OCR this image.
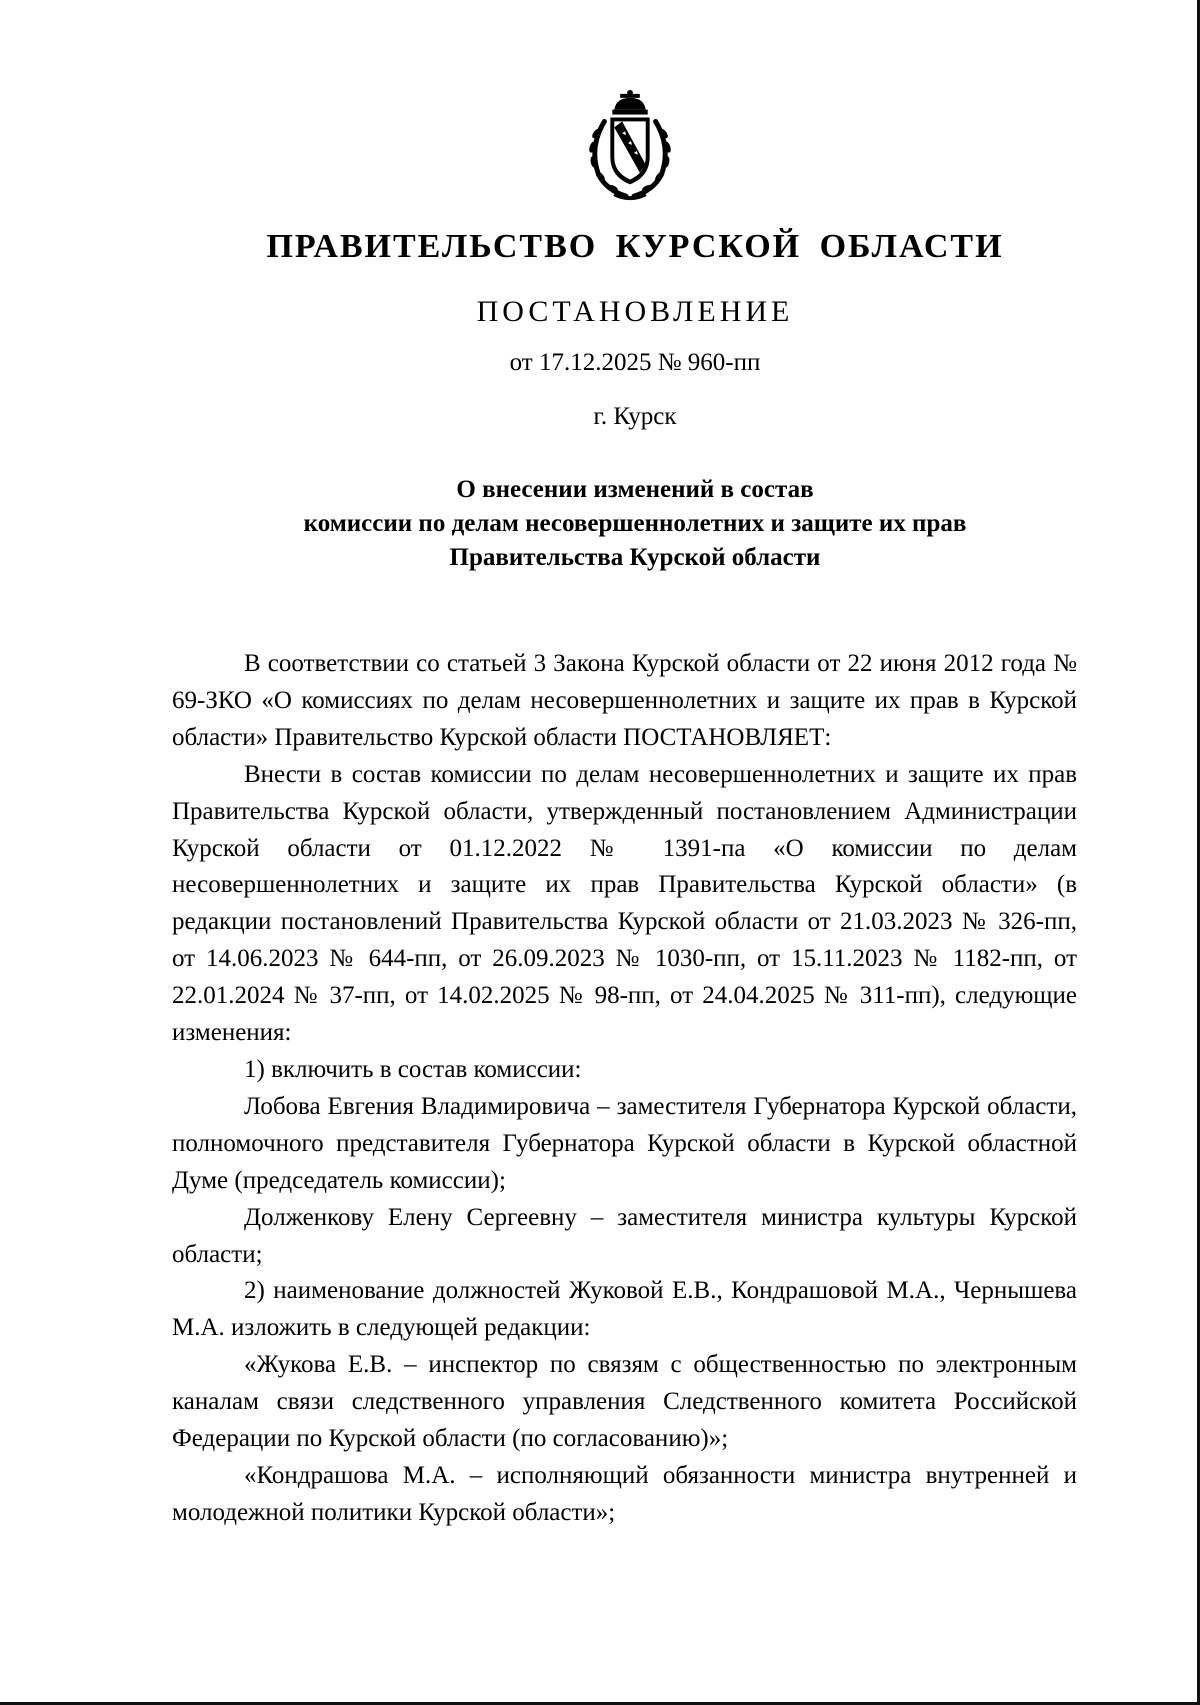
ПРАВИТЕЛЬСТВО КУРСКОЙ ОБЛАСТИ
ПОСТАНОВЛЕНИЕ
от 17.12.2025 № 960-пп
г. Курск
О внесении изменений в состав
комиссии по делам несовершеннолетних и защите их прав
Правительства Курской области

В соответствии со статьей 3 Закона Курской области от 22 июня 2012 года № 69-ЗКО «О комиссиях по делам несовершеннолетних и защите их прав в Курской области» Правительство Курской области ПОСТАНОВЛЯЕТ:

Внести в состав комиссии по делам несовершеннолетних и защите их прав Правительства Курской области, утвержденный постановлением Администрации Курской области от 01.12.2022 № 1391-па «О комиссии по делам несовершеннолетних и защите их прав Правительства Курской области» (в редакции постановлений Правительства Курской области от 21.03.2023 № 326-пп, от 14.06.2023 № 644-пп, от 26.09.2023 № 1030-пп, от 15.11.2023 № 1182-пп, от 22.01.2024 № 37-пп, от 14.02.2025 № 98-пп, от 24.04.2025 № 311-пп), следующие изменения:

1) включить в состав комиссии:

Лобова Евгения Владимировича – заместителя Губернатора Курской области, полномочного представителя Губернатора Курской области в Курской областной Думе (председатель комиссии);

Долженкову Елену Сергеевну – заместителя министра культуры Курской области;

2) наименование должностей Жуковой Е.В., Кондрашовой М.А., Чернышева М.А. изложить в следующей редакции:

«Жукова Е.В. – инспектор по связям с общественностью по электронным каналам связи следственного управления Следственного комитета Российской Федерации по Курской области (по согласованию)»;

«Кондрашова М.А. – исполняющий обязанности министра внутренней и молодежной политики Курской области»;
